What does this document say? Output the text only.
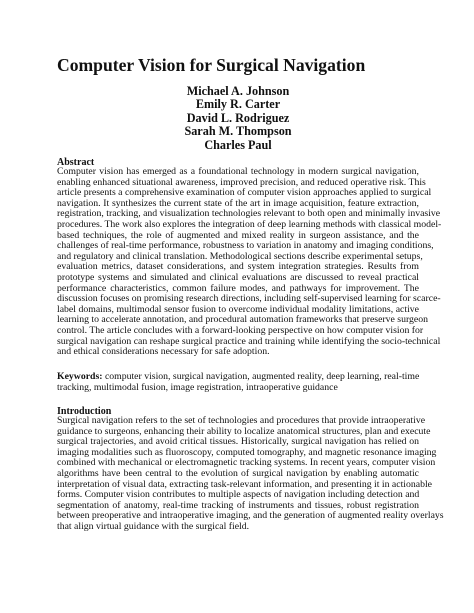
Computer Vision for Surgical Navigation
Michael A. Johnson
Emily R. Carter
David L. Rodriguez
Sarah M. Thompson
Charles Paul
Abstract
Computer vision has emerged as a foundational technology in modern surgical navigation,
enabling enhanced situational awareness, improved precision, and reduced operative risk. This
article presents a comprehensive examination of computer vision approaches applied to surgical
navigation. It synthesizes the current state of the art in image acquisition, feature extraction,
registration, tracking, and visualization technologies relevant to both open and minimally invasive
procedures. The work also explores the integration of deep learning methods with classical model-
based techniques, the role of augmented and mixed reality in surgeon assistance, and the
challenges of real-time performance, robustness to variation in anatomy and imaging conditions,
and regulatory and clinical translation. Methodological sections describe experimental setups,
evaluation metrics, dataset considerations, and system integration strategies. Results from
prototype systems and simulated and clinical evaluations are discussed to reveal practical
performance characteristics, common failure modes, and pathways for improvement. The
discussion focuses on promising research directions, including self-supervised learning for scarce-
label domains, multimodal sensor fusion to overcome individual modality limitations, active
learning to accelerate annotation, and procedural automation frameworks that preserve surgeon
control. The article concludes with a forward-looking perspective on how computer vision for
surgical navigation can reshape surgical practice and training while identifying the socio-technical
and ethical considerations necessary for safe adoption.
Keywords: computer vision, surgical navigation, augmented reality, deep learning, real-time
tracking, multimodal fusion, image registration, intraoperative guidance
Introduction
Surgical navigation refers to the set of technologies and procedures that provide intraoperative
guidance to surgeons, enhancing their ability to localize anatomical structures, plan and execute
surgical trajectories, and avoid critical tissues. Historically, surgical navigation has relied on
imaging modalities such as fluoroscopy, computed tomography, and magnetic resonance imaging
combined with mechanical or electromagnetic tracking systems. In recent years, computer vision
algorithms have been central to the evolution of surgical navigation by enabling automatic
interpretation of visual data, extracting task-relevant information, and presenting it in actionable
forms. Computer vision contributes to multiple aspects of navigation including detection and
segmentation of anatomy, real-time tracking of instruments and tissues, robust registration
between preoperative and intraoperative imaging, and the generation of augmented reality overlays
that align virtual guidance with the surgical field.
